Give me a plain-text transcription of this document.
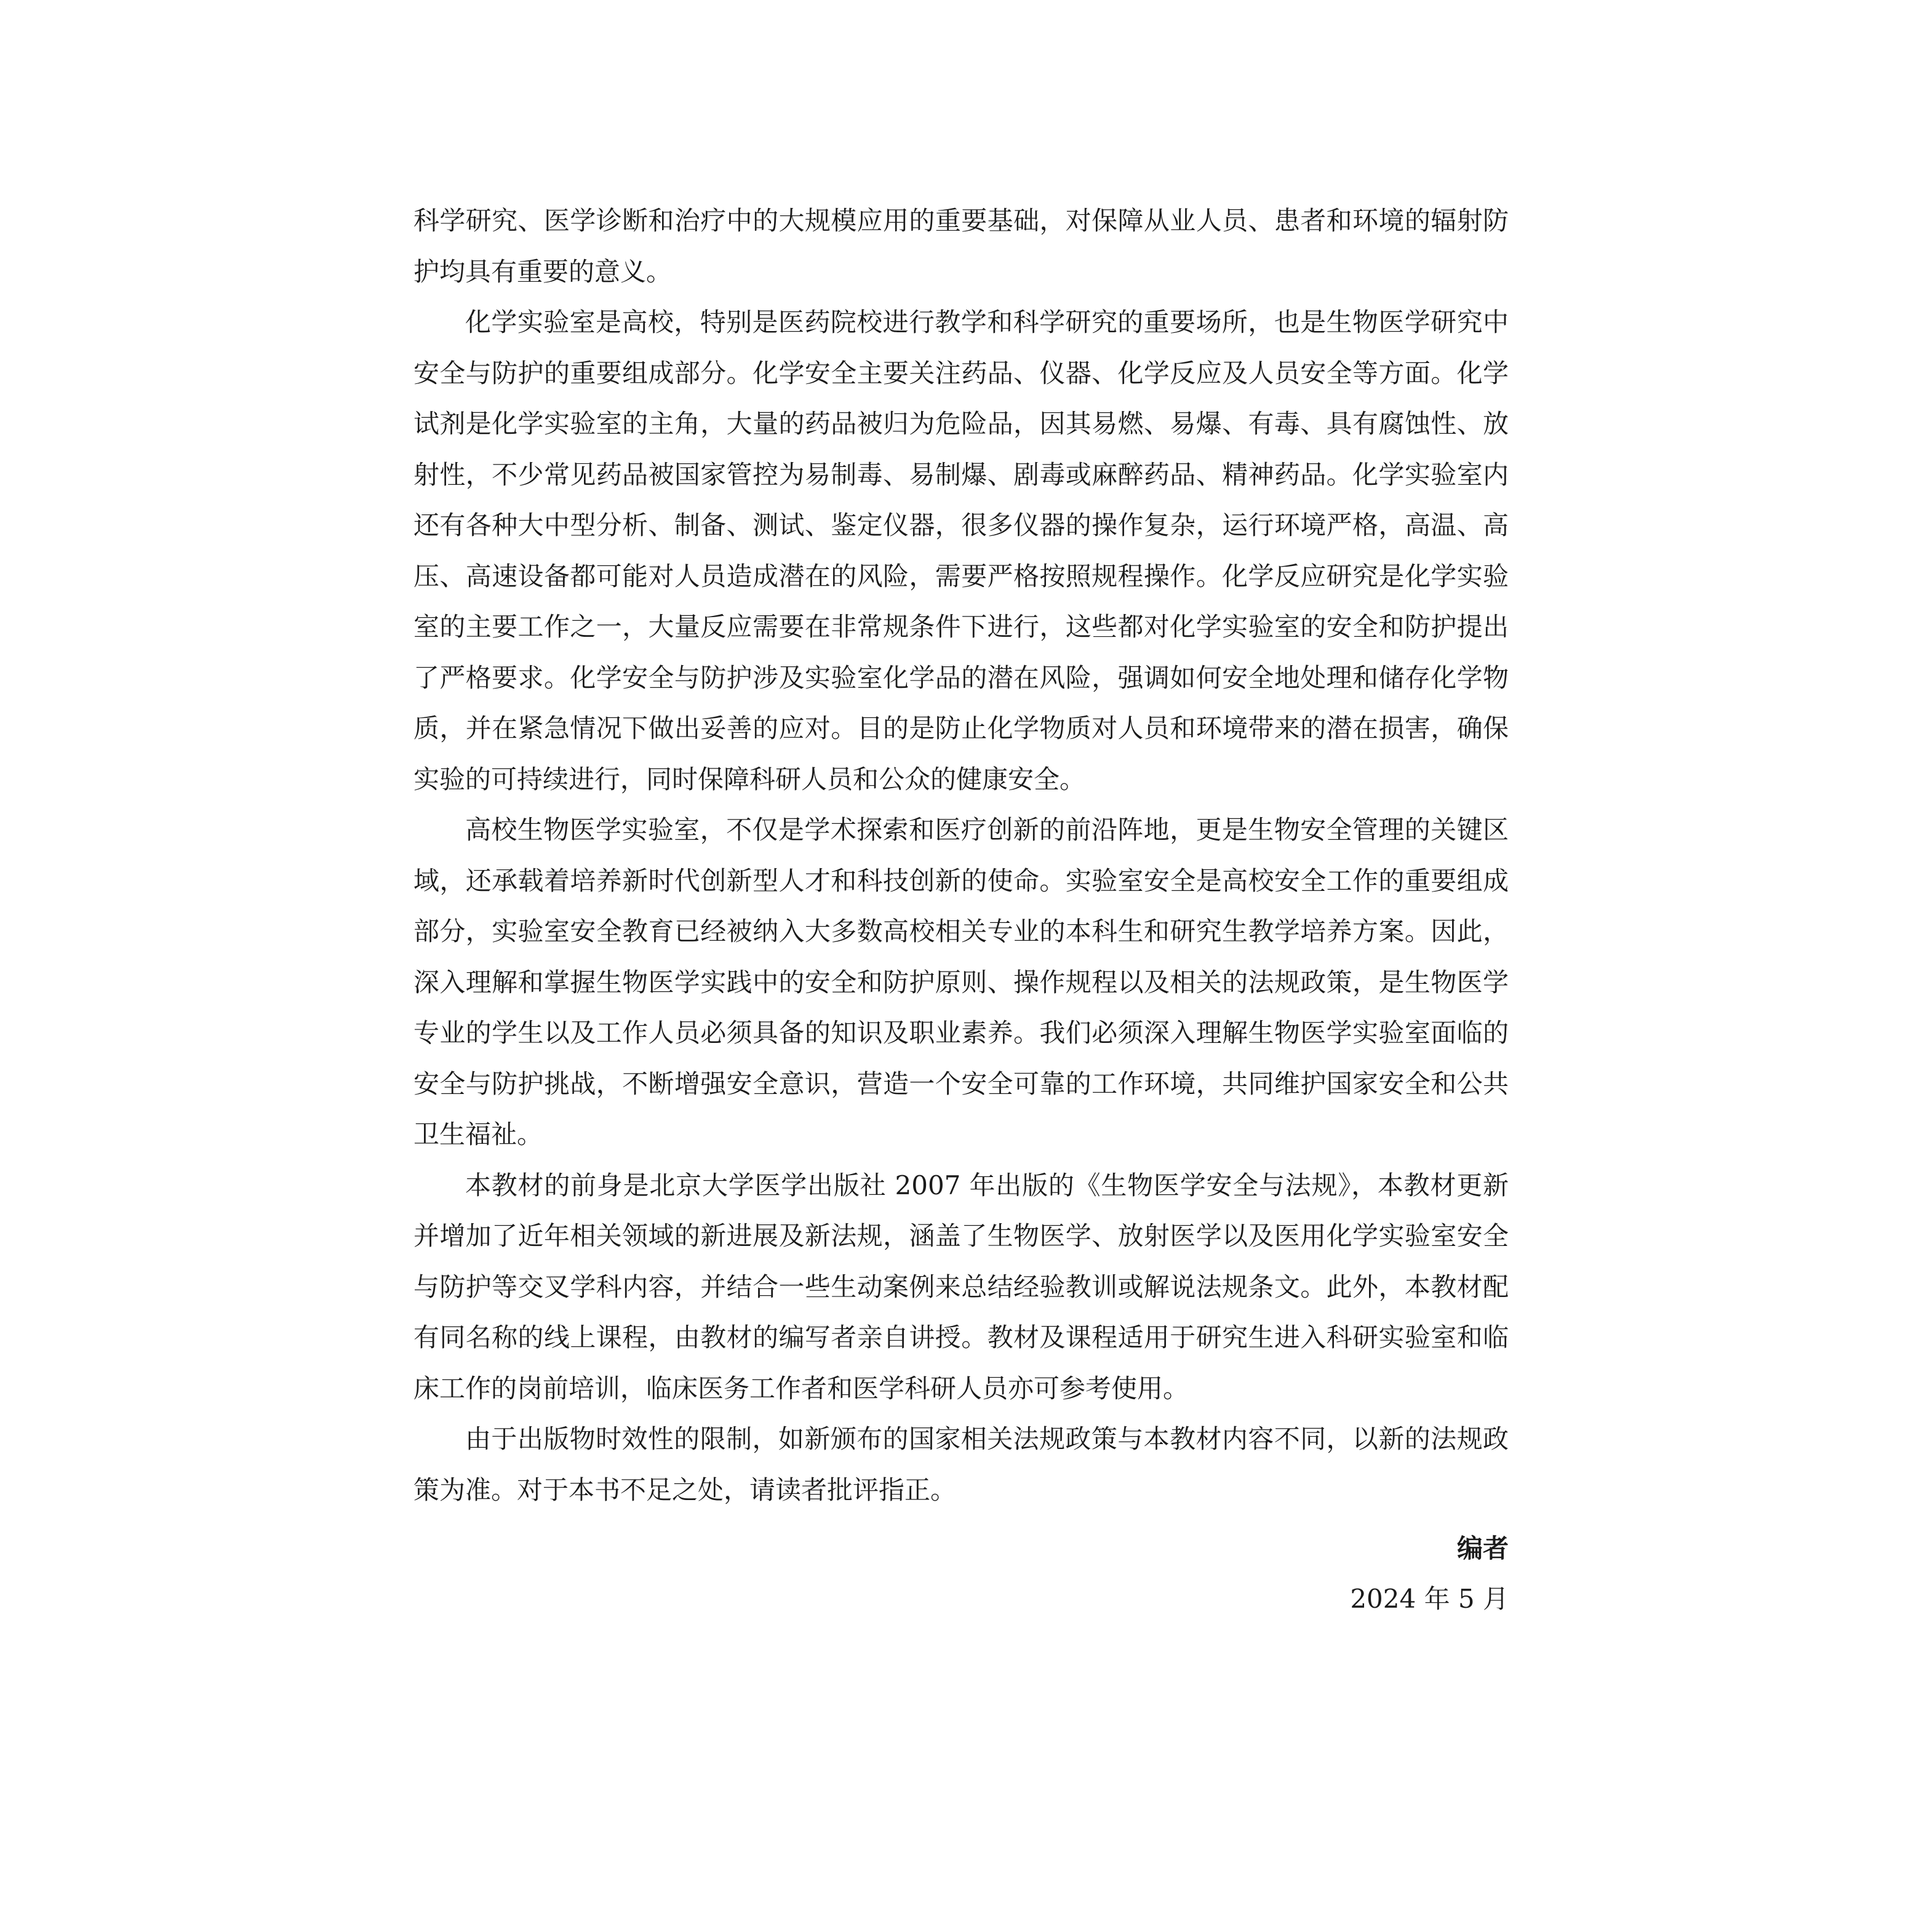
科学研究、医学诊断和治疗中的大规模应用的重要基础，对保障从业人员、患者和环境的辐射防护均具有重要的意义。

化学实验室是高校，特别是医药院校进行教学和科学研究的重要场所，也是生物医学研究中安全与防护的重要组成部分。化学安全主要关注药品、仪器、化学反应及人员安全等方面。化学试剂是化学实验室的主角，大量的药品被归为危险品，因其易燃、易爆、有毒、具有腐蚀性、放射性，不少常见药品被国家管控为易制毒、易制爆、剧毒或麻醉药品、精神药品。化学实验室内还有各种大中型分析、制备、测试、鉴定仪器，很多仪器的操作复杂，运行环境严格，高温、高压、高速设备都可能对人员造成潜在的风险，需要严格按照规程操作。化学反应研究是化学实验室的主要工作之一，大量反应需要在非常规条件下进行，这些都对化学实验室的安全和防护提出了严格要求。化学安全与防护涉及实验室化学品的潜在风险，强调如何安全地处理和储存化学物质，并在紧急情况下做出妥善的应对。目的是防止化学物质对人员和环境带来的潜在损害，确保实验的可持续进行，同时保障科研人员和公众的健康安全。

高校生物医学实验室，不仅是学术探索和医疗创新的前沿阵地，更是生物安全管理的关键区域，还承载着培养新时代创新型人才和科技创新的使命。实验室安全是高校安全工作的重要组成部分，实验室安全教育已经被纳入大多数高校相关专业的本科生和研究生教学培养方案。因此，深入理解和掌握生物医学实践中的安全和防护原则、操作规程以及相关的法规政策，是生物医学专业的学生以及工作人员必须具备的知识及职业素养。我们必须深入理解生物医学实验室面临的安全与防护挑战，不断增强安全意识，营造一个安全可靠的工作环境，共同维护国家安全和公共卫生福祉。

本教材的前身是北京大学医学出版社 2007 年出版的《生物医学安全与法规》，本教材更新并增加了近年相关领域的新进展及新法规，涵盖了生物医学、放射医学以及医用化学实验室安全与防护等交叉学科内容，并结合一些生动案例来总结经验教训或解说法规条文。此外，本教材配有同名称的线上课程，由教材的编写者亲自讲授。教材及课程适用于研究生进入科研实验室和临床工作的岗前培训，临床医务工作者和医学科研人员亦可参考使用。

由于出版物时效性的限制，如新颁布的国家相关法规政策与本教材内容不同，以新的法规政策为准。对于本书不足之处，请读者批评指正。

编者
2024 年 5 月
